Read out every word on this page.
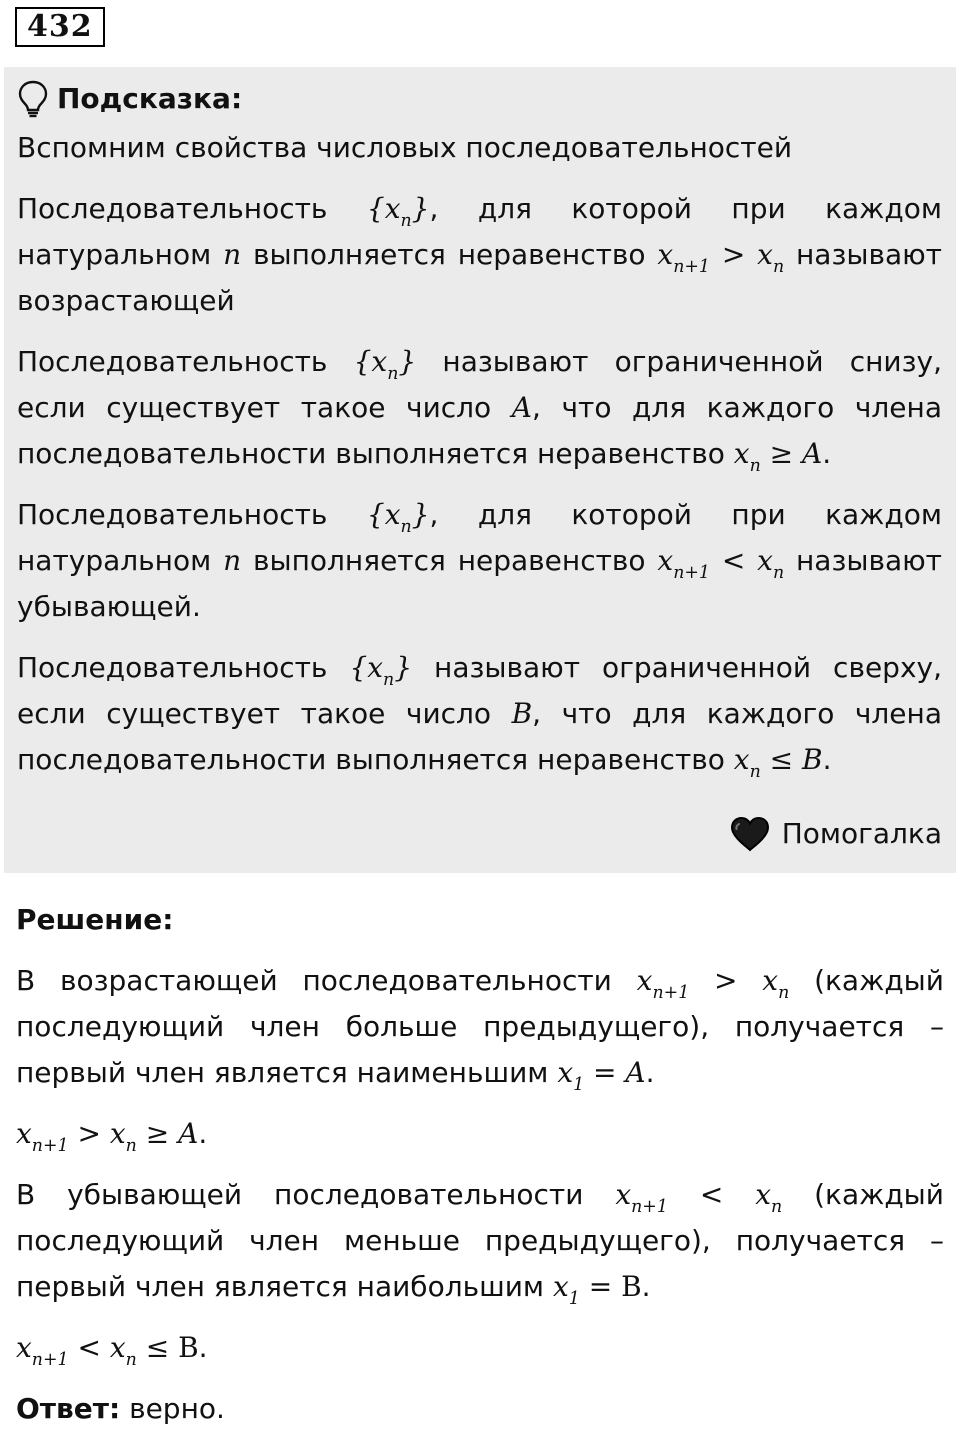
432
Подсказка:

Вспомним свойства числовых последовательностей

Последовательность $\{x_n\}$, для которой при каждом натуральном n выполняется неравенство $x_{n+1} > x_n$ называют возрастающей

Последовательность $\{x_n\}$ называют ограниченной снизу, если существует такое число A, что для каждого члена последовательности выполняется неравенство $x_n \ge A$.

Последовательность $\{x_n\}$, для которой при каждом натуральном n выполняется неравенство $x_{n+1} < x_n$ называют убывающей.

Последовательность $\{x_n\}$ называют ограниченной сверху, если существует такое число B, что для каждого члена последовательности выполняется неравенство $x_n \le B$.

Помогалка

Решение:

В возрастающей последовательности $x_{n+1} > x_n$ (каждый последующий член больше предыдущего), получается – первый член является наименьшим $x_1 = A$.

$x_{n+1} > x_n \ge A$.

В убывающей последовательности $x_{n+1} < x_n$ (каждый последующий член меньше предыдущего), получается – первый член является наибольшим $x_1 = B$.

$x_{n+1} < x_n \le B$.

Ответ: верно.
